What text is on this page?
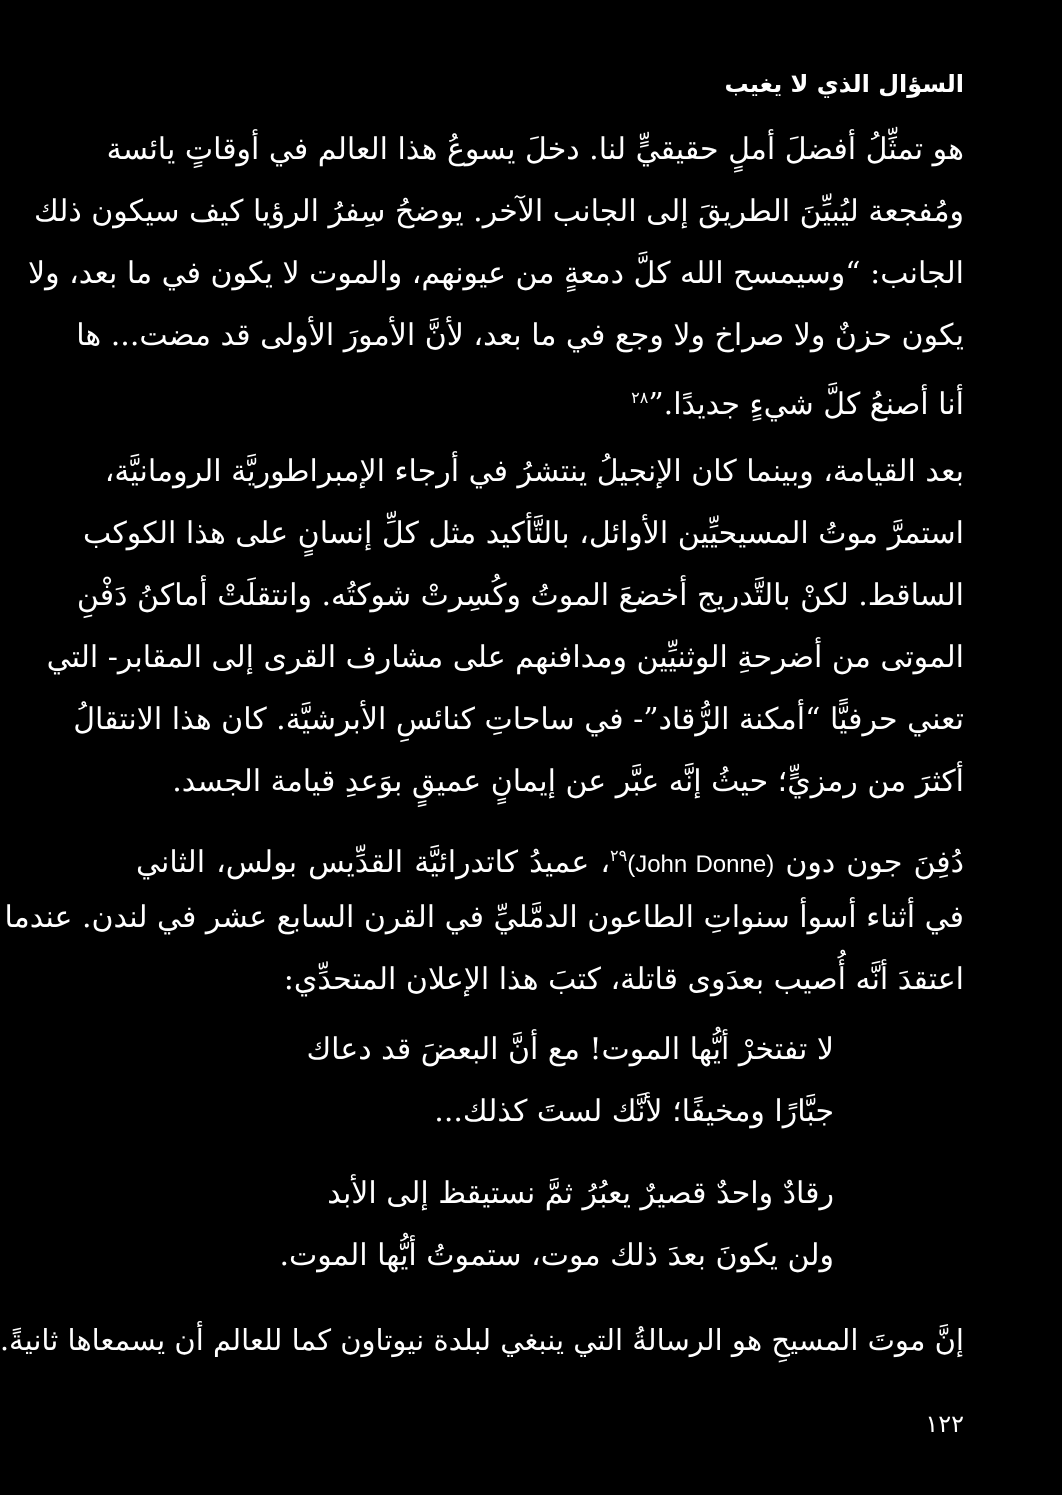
السؤال الذي لا يغيب
هو تمثِّلُ أفضلَ أملٍ حقيقيٍّ لنا. دخلَ يسوعُ هذا العالم في أوقاتٍ يائسة
ومُفجعة ليُبيِّنَ الطريقَ إلى الجانب الآخر. يوضحُ سِفرُ الرؤيا كيف سيكون ذلك
الجانب: “وسيمسح الله كلَّ دمعةٍ من عيونهم، والموت لا يكون في ما بعد، ولا
يكون حزنٌ ولا صراخ ولا وجع في ما بعد، لأنَّ الأمورَ الأولى قد مضت... ها
أنا أصنعُ كلَّ شيءٍ جديدًا.”$^{٢٨}$
بعد القيامة، وبينما كان الإنجيلُ ينتشرُ في أرجاء الإمبراطوريَّة الرومانيَّة،
استمرَّ موتُ المسيحيِّين الأوائل، بالتَّأكيد مثل كلِّ إنسانٍ على هذا الكوكب
الساقط. لكنْ بالتَّدريج أخضعَ الموتُ وكُسِرتْ شوكتُه. وانتقلَتْ أماكنُ دَفْنِ
الموتى من أضرحةِ الوثنيِّين ومدافنهم على مشارف القرى إلى المقابر- التي
تعني حرفيًّا “أمكنة الرُّقاد”- في ساحاتِ كنائسِ الأبرشيَّة. كان هذا الانتقالُ
أكثرَ من رمزيٍّ؛ حيثُ إنَّه عبَّر عن إيمانٍ عميقٍ بوَعدِ قيامة الجسد.
دُفِنَ جون دون (John Donne)$^{٢٩}$، عميدُ كاتدرائيَّة القدِّيس بولس، الثاني
في أثناء أسوأ سنواتِ الطاعون الدمَّليِّ في القرن السابع عشر في لندن. عندما
اعتقدَ أنَّه أُصيب بعدَوى قاتلة، كتبَ هذا الإعلان المتحدِّي:
لا تفتخرْ أيُّها الموت! مع أنَّ البعضَ قد دعاك
جبَّارًا ومخيفًا؛ لأنَّك لستَ كذلك...
رقادٌ واحدٌ قصيرٌ يعبُرُ ثمَّ نستيقظ إلى الأبد
ولن يكونَ بعدَ ذلك موت، ستموتُ أيُّها الموت.
إنَّ موتَ المسيحِ هو الرسالةُ التي ينبغي لبلدة نيوتاون كما للعالم أن يسمعاها ثانيةً.
١٢٢
